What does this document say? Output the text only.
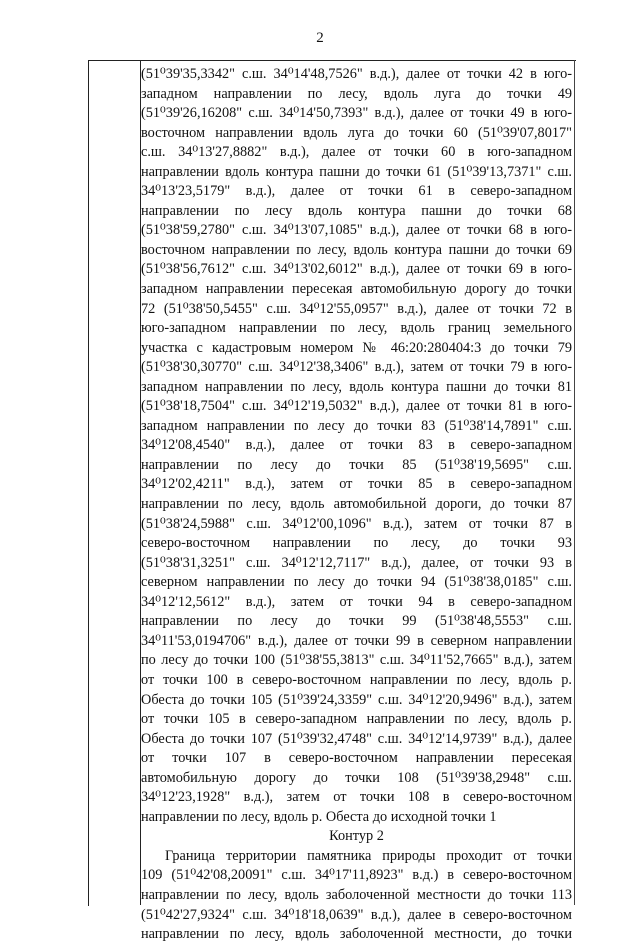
2
(51⁰39'35,3342" с.ш. 34⁰14'48,7526" в.д.), далее от точки 42 в юго-
западном направлении по лесу, вдоль луга до точки 49
(51⁰39'26,16208" с.ш. 34⁰14'50,7393" в.д.), далее от точки 49 в юго-
восточном направлении вдоль луга до точки 60 (51⁰39'07,8017"
с.ш. 34⁰13'27,8882" в.д.), далее от точки 60 в юго-западном
направлении вдоль контура пашни до точки 61 (51⁰39'13,7371" с.ш.
34⁰13'23,5179" в.д.), далее от точки 61 в северо-западном
направлении по лесу вдоль контура пашни до точки 68
(51⁰38'59,2780" с.ш. 34⁰13'07,1085" в.д.), далее от точки 68 в юго-
восточном направлении по лесу, вдоль контура пашни до точки 69
(51⁰38'56,7612" с.ш. 34⁰13'02,6012" в.д.), далее от точки 69 в юго-
западном направлении пересекая автомобильную дорогу до точки
72 (51⁰38'50,5455" с.ш. 34⁰12'55,0957" в.д.), далее от точки 72 в
юго-западном направлении по лесу, вдоль границ земельного
участка с кадастровым номером № 46:20:280404:3 до точки 79
(51⁰38'30,30770" с.ш. 34⁰12'38,3406" в.д.), затем от точки 79 в юго-
западном направлении по лесу, вдоль контура пашни до точки 81
(51⁰38'18,7504" с.ш. 34⁰12'19,5032" в.д.), далее от точки 81 в юго-
западном направлении по лесу до точки 83 (51⁰38'14,7891" с.ш.
34⁰12'08,4540" в.д.), далее от точки 83 в северо-западном
направлении по лесу до точки 85 (51⁰38'19,5695" с.ш.
34⁰12'02,4211" в.д.), затем от точки 85 в северо-западном
направлении по лесу, вдоль автомобильной дороги, до точки 87
(51⁰38'24,5988" с.ш. 34⁰12'00,1096" в.д.), затем от точки 87 в
северо-восточном направлении по лесу, до точки 93
(51⁰38'31,3251" с.ш. 34⁰12'12,7117" в.д.), далее, от точки 93 в
северном направлении по лесу до точки 94 (51⁰38'38,0185" с.ш.
34⁰12'12,5612" в.д.), затем от точки 94 в северо-западном
направлении по лесу до точки 99 (51⁰38'48,5553" с.ш.
34⁰11'53,0194706" в.д.), далее от точки 99 в северном направлении
по лесу до точки 100 (51⁰38'55,3813" с.ш. 34⁰11'52,7665" в.д.), затем
от точки 100 в северо-восточном направлении по лесу, вдоль р.
Обеста до точки 105 (51⁰39'24,3359" с.ш. 34⁰12'20,9496" в.д.), затем
от точки 105 в северо-западном направлении по лесу, вдоль р.
Обеста до точки 107 (51⁰39'32,4748" с.ш. 34⁰12'14,9739" в.д.), далее
от точки 107 в северо-восточном направлении пересекая
автомобильную дорогу до точки 108 (51⁰39'38,2948" с.ш.
34⁰12'23,1928" в.д.), затем от точки 108 в северо-восточном
направлении по лесу, вдоль р. Обеста до исходной точки 1
Контур 2
Граница территории памятника природы проходит от точки
109 (51⁰42'08,20091" с.ш. 34⁰17'11,8923" в.д.) в северо-восточном
направлении по лесу, вдоль заболоченной местности до точки 113
(51⁰42'27,9324" с.ш. 34⁰18'18,0639" в.д.), далее в северо-восточном
направлении по лесу, вдоль заболоченной местности, до точки
